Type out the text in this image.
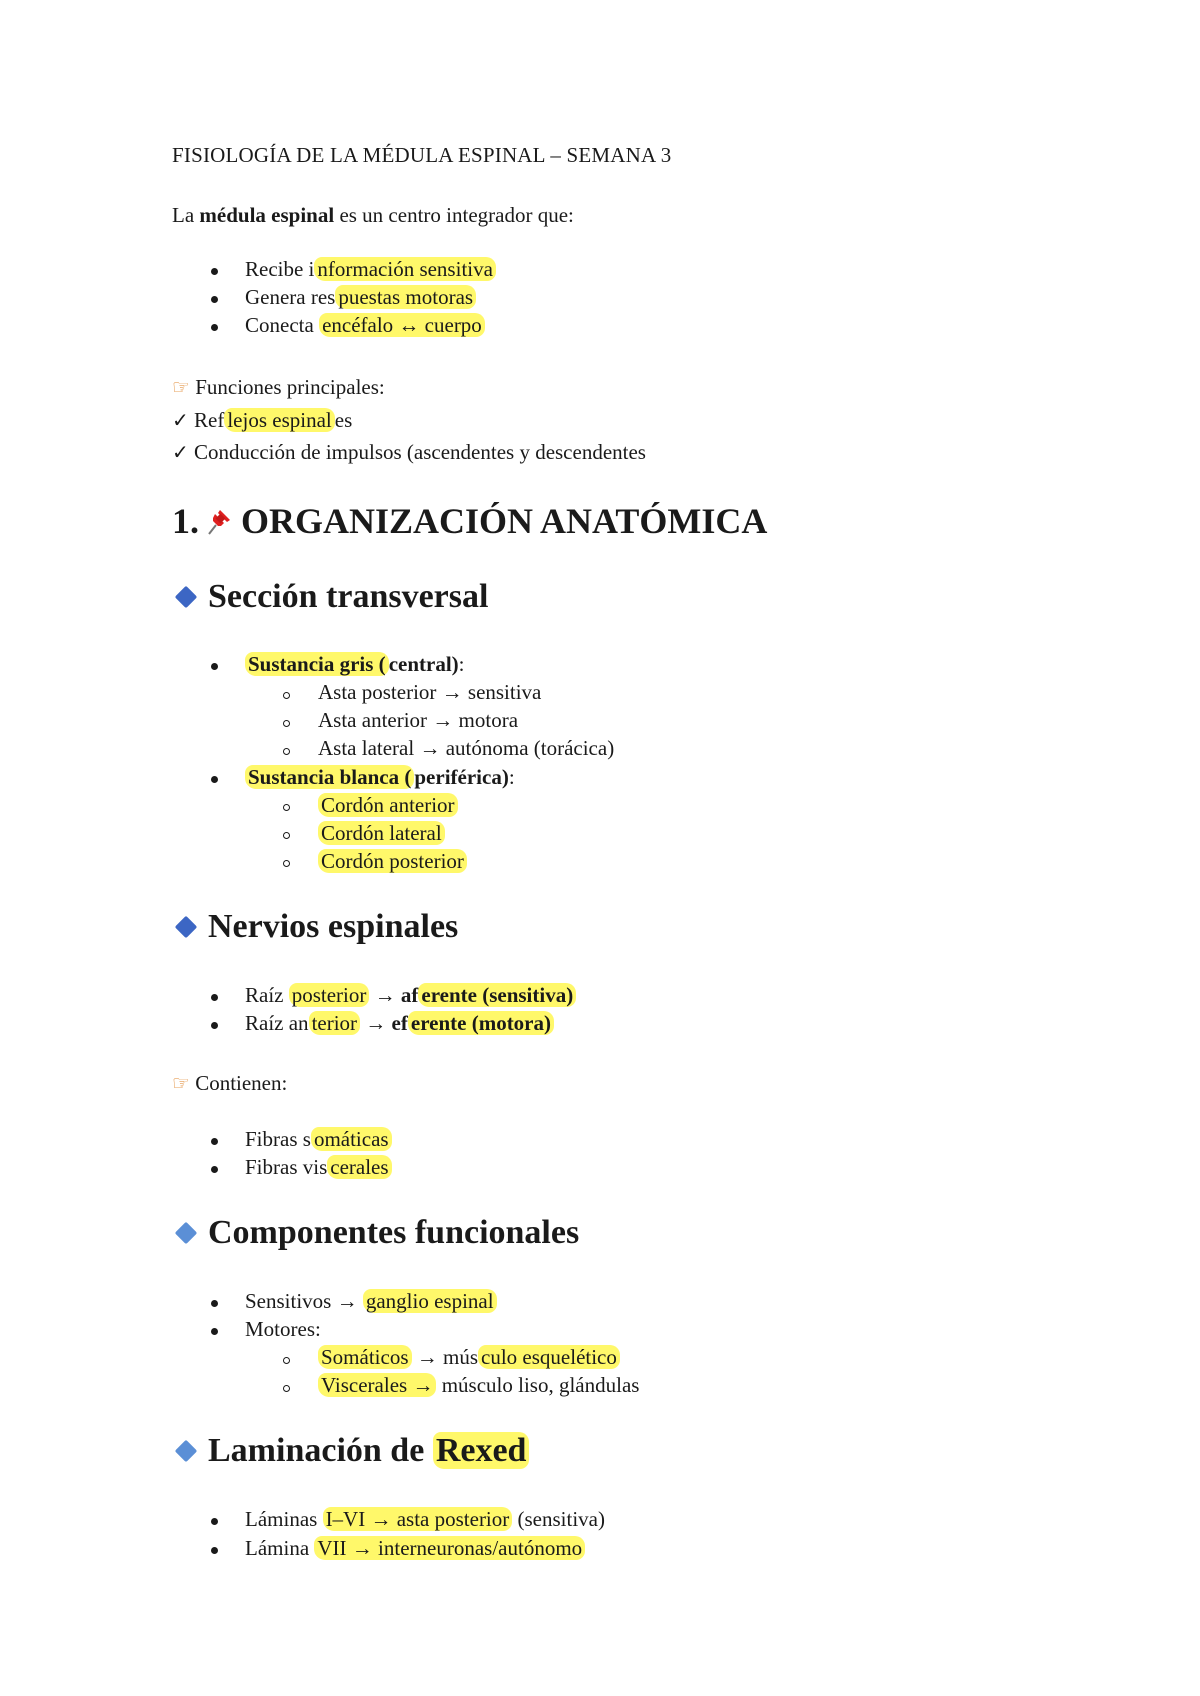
FISIOLOGÍA DE LA MÉDULA ESPINAL – SEMANA 3
La médula espinal es un centro integrador que:
Recibe i nformación sensitiva
Genera res puestas motoras
Conecta encéfalo ↔ cuerpo
☞ Funciones principales:
✓ Ref lejos espinal es
✓ Conducción de impulsos (ascendentes y descendentes
1. ORGANIZACIÓN ANATÓMICA
Sección transversal
Sustancia gris ( central):
Asta posterior → sensitiva
Asta anterior → motora
Asta lateral → autónoma (torácica)
Sustancia blanca ( periférica):
Cordón anterior
Cordón lateral
Cordón posterior
Nervios espinales
Raíz posterior → af erente (sensitiva)
Raíz an terior → ef erente (motora)
☞ Contienen:
Fibras s omáticas
Fibras vis cerales
Componentes funcionales
Sensitivos → ganglio espinal
Motores:
Somáticos → mús culo esquelético
Viscerales → músculo liso, glándulas
Laminación de Rexed
Láminas I–VI → asta posterior (sensitiva)
Lámina VII → interneuronas/autónomo
